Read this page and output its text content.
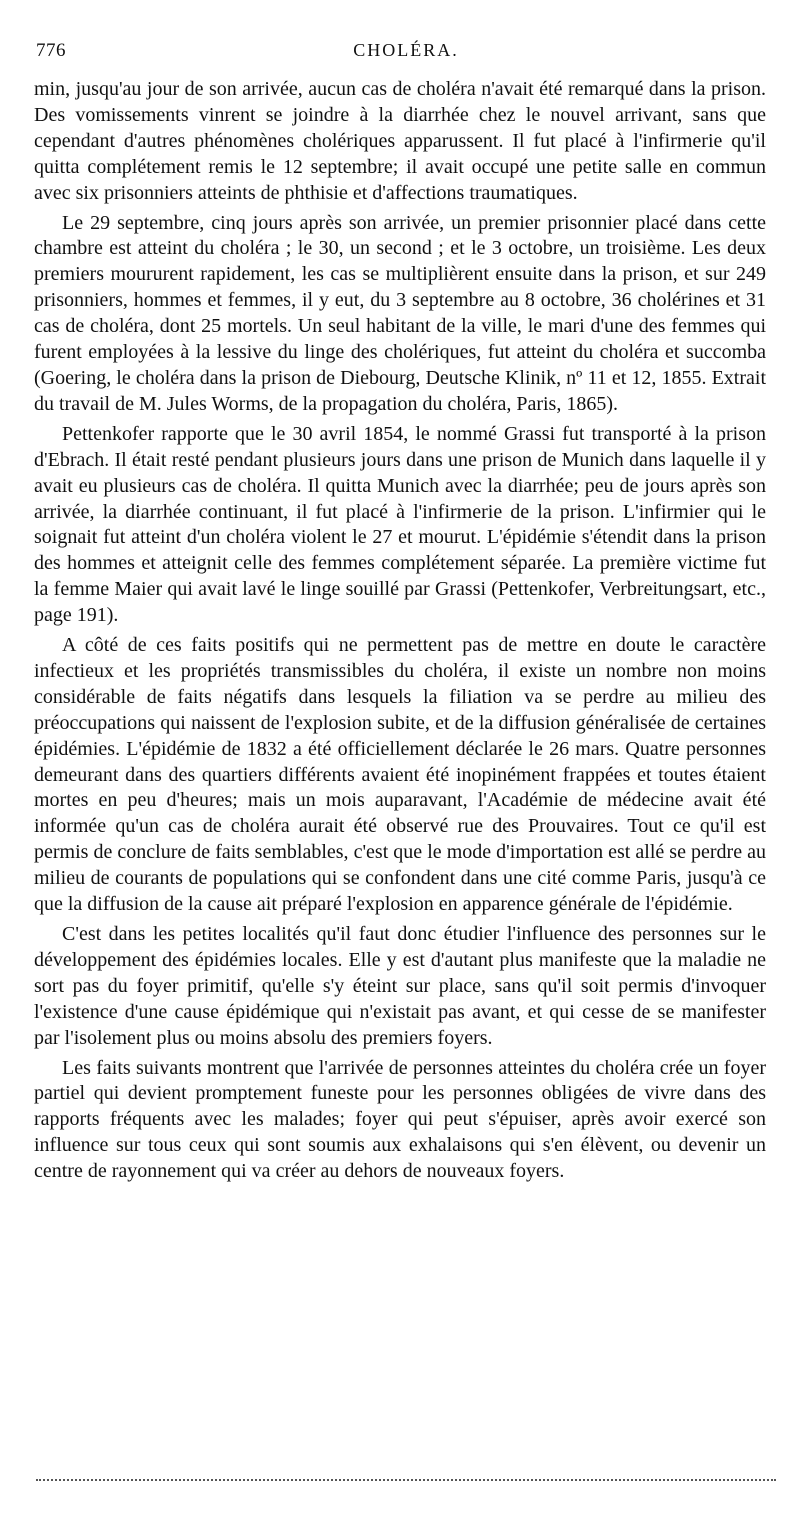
776	CHOLÉRA.

min, jusqu'au jour de son arrivée, aucun cas de choléra n'avait été remarqué dans la prison. Des vomissements vinrent se joindre à la diarrhée chez le nouvel arrivant, sans que cependant d'autres phénomènes cholériques apparussent. Il fut placé à l'infirmerie qu'il quitta complétement remis le 12 septembre; il avait occupé une petite salle en commun avec six prisonniers atteints de phthisie et d'affections traumatiques.

Le 29 septembre, cinq jours après son arrivée, un premier prisonnier placé dans cette chambre est atteint du choléra ; le 30, un second ; et le 3 octobre, un troisième. Les deux premiers moururent rapidement, les cas se multiplièrent ensuite dans la prison, et sur 249 prisonniers, hommes et femmes, il y eut, du 3 septembre au 8 octobre, 36 cholérines et 31 cas de choléra, dont 25 mortels. Un seul habitant de la ville, le mari d'une des femmes qui furent employées à la lessive du linge des cholériques, fut atteint du choléra et succomba (Goering, le choléra dans la prison de Diebourg, Deutsche Klinik, nº 11 et 12, 1855. Extrait du travail de M. Jules Worms, de la propagation du choléra, Paris, 1865).

Pettenkofer rapporte que le 30 avril 1854, le nommé Grassi fut transporté à la prison d'Ebrach. Il était resté pendant plusieurs jours dans une prison de Munich dans laquelle il y avait eu plusieurs cas de choléra. Il quitta Munich avec la diarrhée; peu de jours après son arrivée, la diarrhée continuant, il fut placé à l'infirmerie de la prison. L'infirmier qui le soignait fut atteint d'un choléra violent le 27 et mourut. L'épidémie s'étendit dans la prison des hommes et atteignit celle des femmes complétement séparée. La première victime fut la femme Maier qui avait lavé le linge souillé par Grassi (Pettenkofer, Verbreitungsart, etc., page 191).

A côté de ces faits positifs qui ne permettent pas de mettre en doute le caractère infectieux et les propriétés transmissibles du choléra, il existe un nombre non moins considérable de faits négatifs dans lesquels la filiation va se perdre au milieu des préoccupations qui naissent de l'explosion subite, et de la diffusion généralisée de certaines épidémies. L'épidémie de 1832 a été officiellement déclarée le 26 mars. Quatre personnes demeurant dans des quartiers différents avaient été inopinément frappées et toutes étaient mortes en peu d'heures; mais un mois auparavant, l'Académie de médecine avait été informée qu'un cas de choléra aurait été observé rue des Prouvaires. Tout ce qu'il est permis de conclure de faits semblables, c'est que le mode d'importation est allé se perdre au milieu de courants de populations qui se confondent dans une cité comme Paris, jusqu'à ce que la diffusion de la cause ait préparé l'explosion en apparence générale de l'épidémie.

C'est dans les petites localités qu'il faut donc étudier l'influence des personnes sur le développement des épidémies locales. Elle y est d'autant plus manifeste que la maladie ne sort pas du foyer primitif, qu'elle s'y éteint sur place, sans qu'il soit permis d'invoquer l'existence d'une cause épidémique qui n'existait pas avant, et qui cesse de se manifester par l'isolement plus ou moins absolu des premiers foyers.

Les faits suivants montrent que l'arrivée de personnes atteintes du choléra crée un foyer partiel qui devient promptement funeste pour les personnes obligées de vivre dans des rapports fréquents avec les malades; foyer qui peut s'épuiser, après avoir exercé son influence sur tous ceux qui sont soumis aux exhalaisons qui s'en élèvent, ou devenir un centre de rayonnement qui va créer au dehors de nouveaux foyers.
